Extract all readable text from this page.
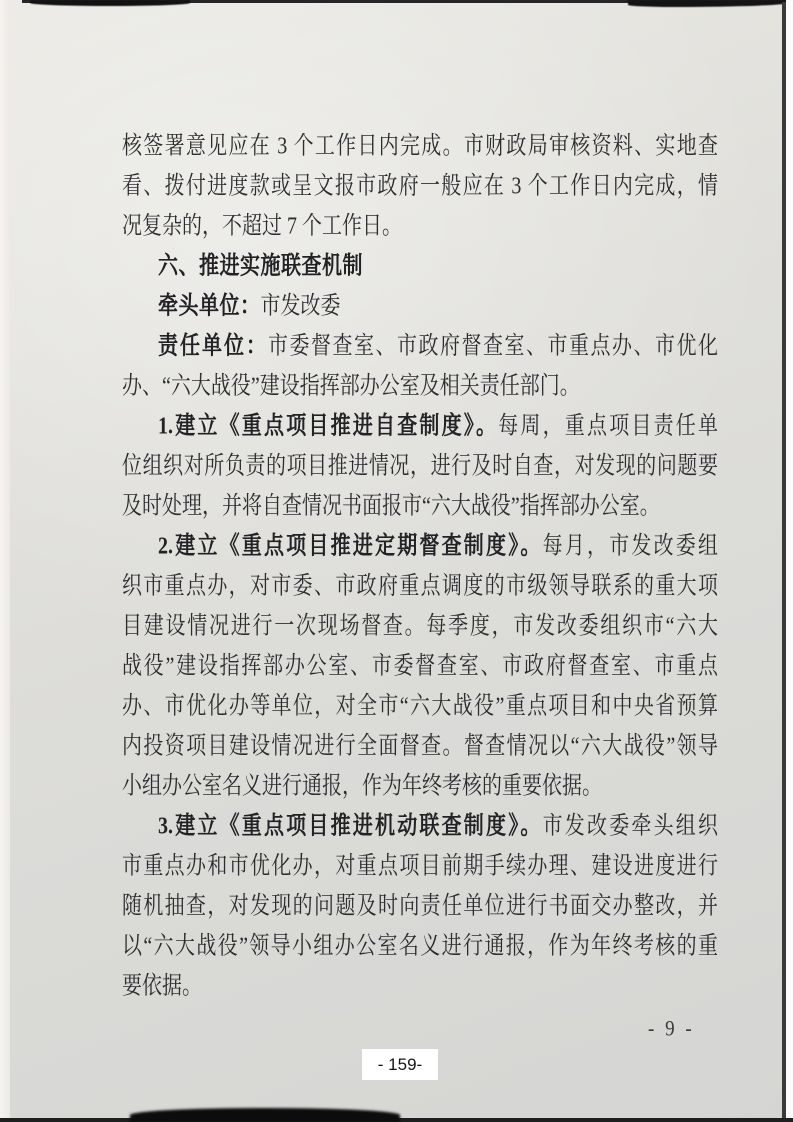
核签署意见应在 3 个工作日内完成。市财政局审核资料、实地查
看、拨付进度款或呈文报市政府一般应在 3 个工作日内完成，情
况复杂的，不超过 7 个工作日。
六、推进实施联查机制
牵头单位：市发改委
责任单位：市委督查室、市政府督查室、市重点办、市优化
办、“六大战役”建设指挥部办公室及相关责任部门。
1.建立《重点项目推进自查制度》。每周，重点项目责任单
位组织对所负责的项目推进情况，进行及时自查，对发现的问题要
及时处理，并将自查情况书面报市“六大战役”指挥部办公室。
2.建立《重点项目推进定期督查制度》。每月，市发改委组
织市重点办，对市委、市政府重点调度的市级领导联系的重大项
目建设情况进行一次现场督查。每季度，市发改委组织市“六大
战役”建设指挥部办公室、市委督查室、市政府督查室、市重点
办、市优化办等单位，对全市“六大战役”重点项目和中央省预算
内投资项目建设情况进行全面督查。督查情况以“六大战役”领导
小组办公室名义进行通报，作为年终考核的重要依据。
3.建立《重点项目推进机动联查制度》。市发改委牵头组织
市重点办和市优化办，对重点项目前期手续办理、建设进度进行
随机抽查，对发现的问题及时向责任单位进行书面交办整改，并
以“六大战役”领导小组办公室名义进行通报，作为年终考核的重
要依据。
- 9 -
- 159-
